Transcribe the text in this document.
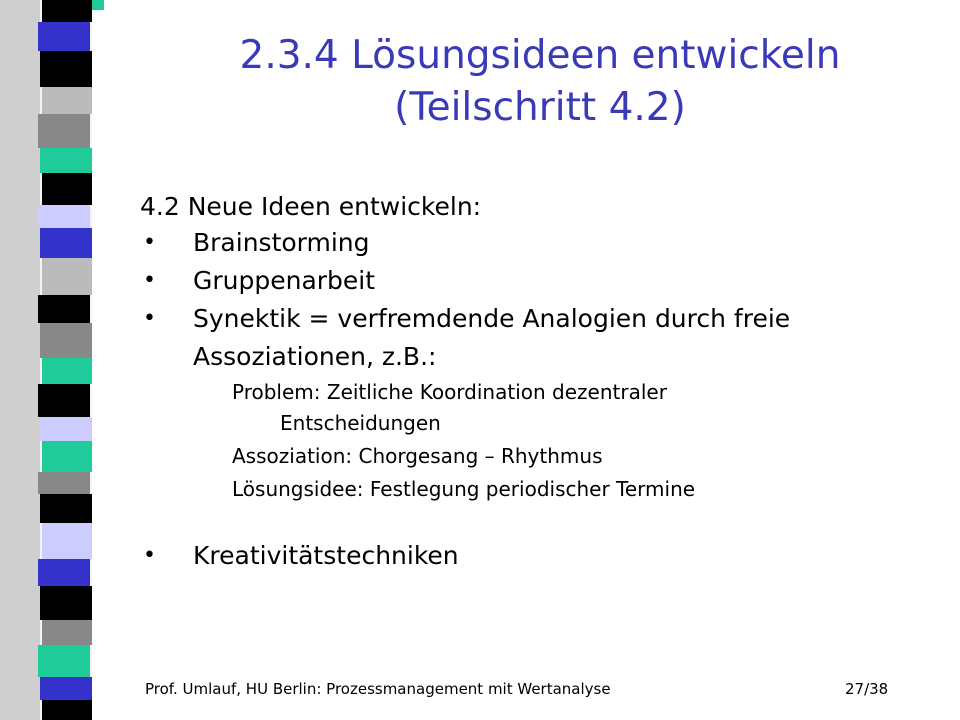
2.3.4 Lösungsideen entwickeln
(Teilschritt 4.2)
4.2 Neue Ideen entwickeln:
• Brainstorming
• Gruppenarbeit
• Synektik = verfremdende Analogien durch freie
Assoziationen, z.B.:
Problem: Zeitliche Koordination dezentraler
Entscheidungen
Assoziation: Chorgesang – Rhythmus
Lösungsidee: Festlegung periodischer Termine
• Kreativitätstechniken
Prof. Umlauf, HU Berlin: Prozessmanagement mit Wertanalyse	27/38
